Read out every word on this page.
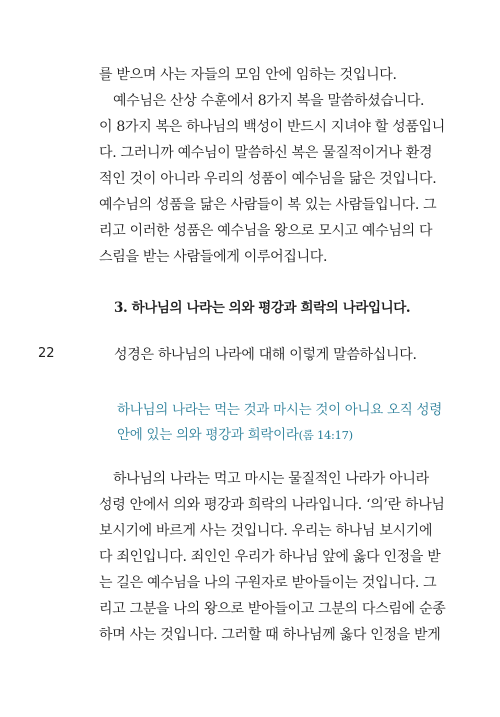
를 받으며 사는 자들의 모임 안에 임하는 것입니다.

예수님은 산상 수훈에서 8가지 복을 말씀하셨습니다.
이 8가지 복은 하나님의 백성이 반드시 지녀야 할 성품입니
다. 그러니까 예수님이 말씀하신 복은 물질적이거나 환경
적인 것이 아니라 우리의 성품이 예수님을 닮은 것입니다.
예수님의 성품을 닮은 사람들이 복 있는 사람들입니다. 그
리고 이러한 성품은 예수님을 왕으로 모시고 예수님의 다
스림을 받는 사람들에게 이루어집니다.

3. 하나님의 나라는 의와 평강과 희락의 나라입니다.
22	성경은 하나님의 나라에 대해 이렇게 말씀하십니다.
하나님의 나라는 먹는 것과 마시는 것이 아니요 오직 성령
안에 있는 의와 평강과 희락이라(롬 14:17)

하나님의 나라는 먹고 마시는 물질적인 나라가 아니라
성령 안에서 의와 평강과 희락의 나라입니다. ‘의’란 하나님
보시기에 바르게 사는 것입니다. 우리는 하나님 보시기에
다 죄인입니다. 죄인인 우리가 하나님 앞에 옳다 인정을 받
는 길은 예수님을 나의 구원자로 받아들이는 것입니다. 그
리고 그분을 나의 왕으로 받아들이고 그분의 다스림에 순종
하며 사는 것입니다. 그러할 때 하나님께 옳다 인정을 받게
